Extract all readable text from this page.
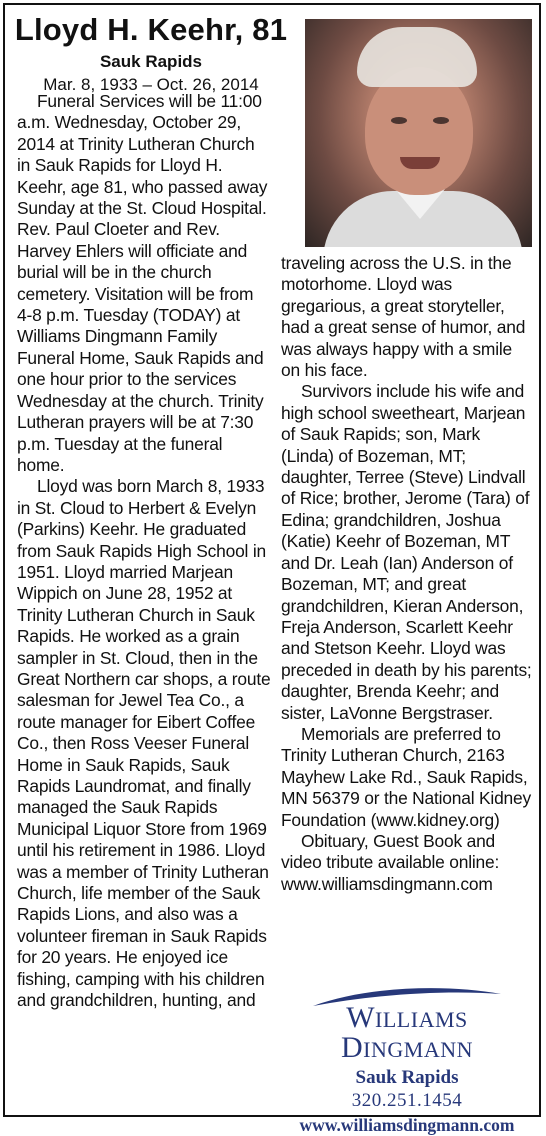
Lloyd H. Keehr, 81
Sauk Rapids
Mar. 8, 1933 – Oct. 26, 2014

Funeral Services will be 11:00 a.m. Wednesday, October 29, 2014 at Trinity Lutheran Church in Sauk Rapids for Lloyd H. Keehr, age 81, who passed away Sunday at the St. Cloud Hospital. Rev. Paul Cloeter and Rev. Harvey Ehlers will officiate and burial will be in the church cemetery. Visitation will be from 4-8 p.m. Tuesday (TODAY) at Williams Dingmann Family Funeral Home, Sauk Rapids and one hour prior to the services Wednesday at the church. Trinity Lutheran prayers will be at 7:30 p.m. Tuesday at the funeral home.

Lloyd was born March 8, 1933 in St. Cloud to Herbert & Evelyn (Parkins) Keehr. He graduated from Sauk Rapids High School in 1951. Lloyd married Marjean Wippich on June 28, 1952 at Trinity Lutheran Church in Sauk Rapids. He worked as a grain sampler in St. Cloud, then in the Great Northern car shops, a route salesman for Jewel Tea Co., a route manager for Eibert Coffee Co., then Ross Veeser Funeral Home in Sauk Rapids, Sauk Rapids Laundromat, and finally managed the Sauk Rapids Municipal Liquor Store from 1969 until his retirement in 1986. Lloyd was a member of Trinity Lutheran Church, life member of the Sauk Rapids Lions, and also was a volunteer fireman in Sauk Rapids for 20 years. He enjoyed ice fishing, camping with his children and grandchildren, hunting, and

traveling across the U.S. in the motorhome. Lloyd was gregarious, a great storyteller, had a great sense of humor, and was always happy with a smile on his face.

Survivors include his wife and high school sweetheart, Marjean of Sauk Rapids; son, Mark (Linda) of Bozeman, MT; daughter, Terree (Steve) Lindvall of Rice; brother, Jerome (Tara) of Edina; grandchildren, Joshua (Katie) Keehr of Bozeman, MT and Dr. Leah (Ian) Anderson of Bozeman, MT; and great grandchildren, Kieran Anderson, Freja Anderson, Scarlett Keehr and Stetson Keehr. Lloyd was preceded in death by his parents; daughter, Brenda Keehr; and sister, LaVonne Bergstraser.

Memorials are preferred to Trinity Lutheran Church, 2163 Mayhew Lake Rd., Sauk Rapids, MN 56379 or the National Kidney Foundation (www.kidney.org)

Obituary, Guest Book and video tribute available online: www.williamsdingmann.com

WILLIAMS DINGMANN
Sauk Rapids
320.251.1454
www.williamsdingmann.com
